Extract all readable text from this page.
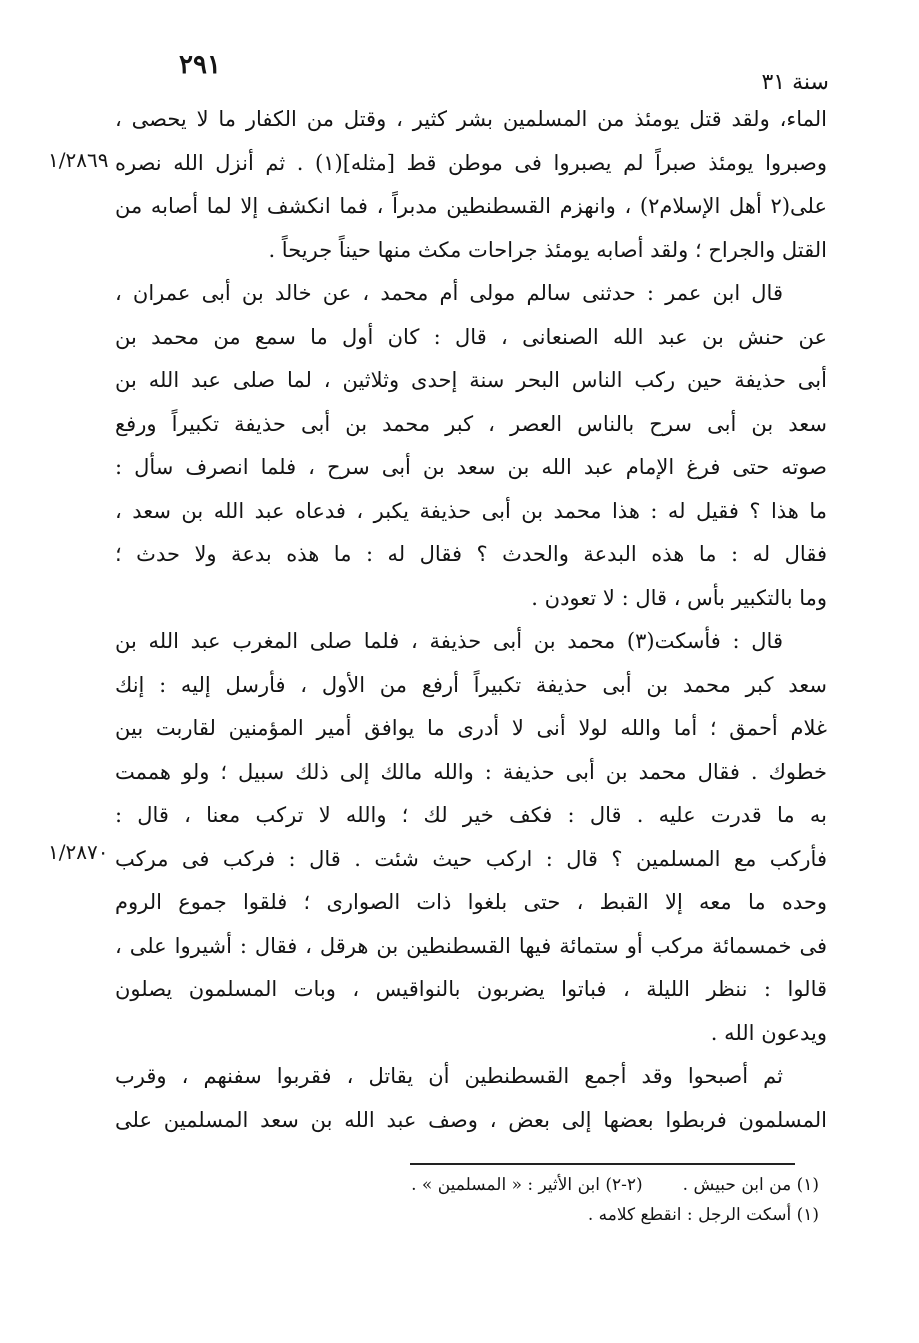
٢٩١
سنة ٣١
١/٢٨٦٩
١/٢٨٧٠
الماء، ولقد قتل يومئذ من المسلمين بشر كثير ، وقتل من الكفار ما لا يحصى ،
وصبروا يومئذ صبراً لم يصبروا فى موطن قط [مثله](١) . ثم أنزل الله نصره
على(٢ أهل الإسلام٢) ، وانهزم القسطنطين مدبراً ، فما انكشف إلا لما أصابه من
القتل والجراح ؛ ولقد أصابه يومئذ جراحات مكث منها حيناً جريحاً .
قال ابن عمر : حدثنى سالم مولى أم محمد ، عن خالد بن أبى عمران ،
عن حنش بن عبد الله الصنعانى ، قال : كان أول ما سمع من محمد بن
أبى حذيفة حين ركب الناس البحر سنة إحدى وثلاثين ، لما صلى عبد الله بن
سعد بن أبى سرح بالناس العصر ، كبر محمد بن أبى حذيفة تكبيراً ورفع
صوته حتى فرغ الإمام عبد الله بن سعد بن أبى سرح ، فلما انصرف سأل :
ما هذا ؟ فقيل له : هذا محمد بن أبى حذيفة يكبر ، فدعاه عبد الله بن سعد ،
فقال له : ما هذه البدعة والحدث ؟ فقال له : ما هذه بدعة ولا حدث ؛
وما بالتكبير بأس ، قال : لا تعودن .
قال : فأسكت(٣) محمد بن أبى حذيفة ، فلما صلى المغرب عبد الله بن
سعد كبر محمد بن أبى حذيفة تكبيراً أرفع من الأول ، فأرسل إليه : إنك
غلام أحمق ؛ أما والله لولا أنى لا أدرى ما يوافق أمير المؤمنين لقاربت بين
خطوك . فقال محمد بن أبى حذيفة : والله مالك إلى ذلك سبيل ؛ ولو هممت
به ما قدرت عليه . قال : فكف خير لك ؛ والله لا تركب معنا ، قال :
فأركب مع المسلمين ؟ قال : اركب حيث شئت . قال : فركب فى مركب
وحده ما معه إلا القبط ، حتى بلغوا ذات الصوارى ؛ فلقوا جموع الروم
فى خمسمائة مركب أو ستمائة فيها القسطنطين بن هرقل ، فقال : أشيروا على ،
قالوا : ننظر الليلة ، فباتوا يضربون بالنواقيس ، وبات المسلمون يصلون
ويدعون الله .
ثم أصبحوا وقد أجمع القسطنطين أن يقاتل ، فقربوا سفنهم ، وقرب
المسلمون فربطوا بعضها إلى بعض ، وصف عبد الله بن سعد المسلمين على
(١) من ابن حبيش .(٢-٢) ابن الأثير : « المسلمين » .
(١) أسكت الرجل : انقطع كلامه .
